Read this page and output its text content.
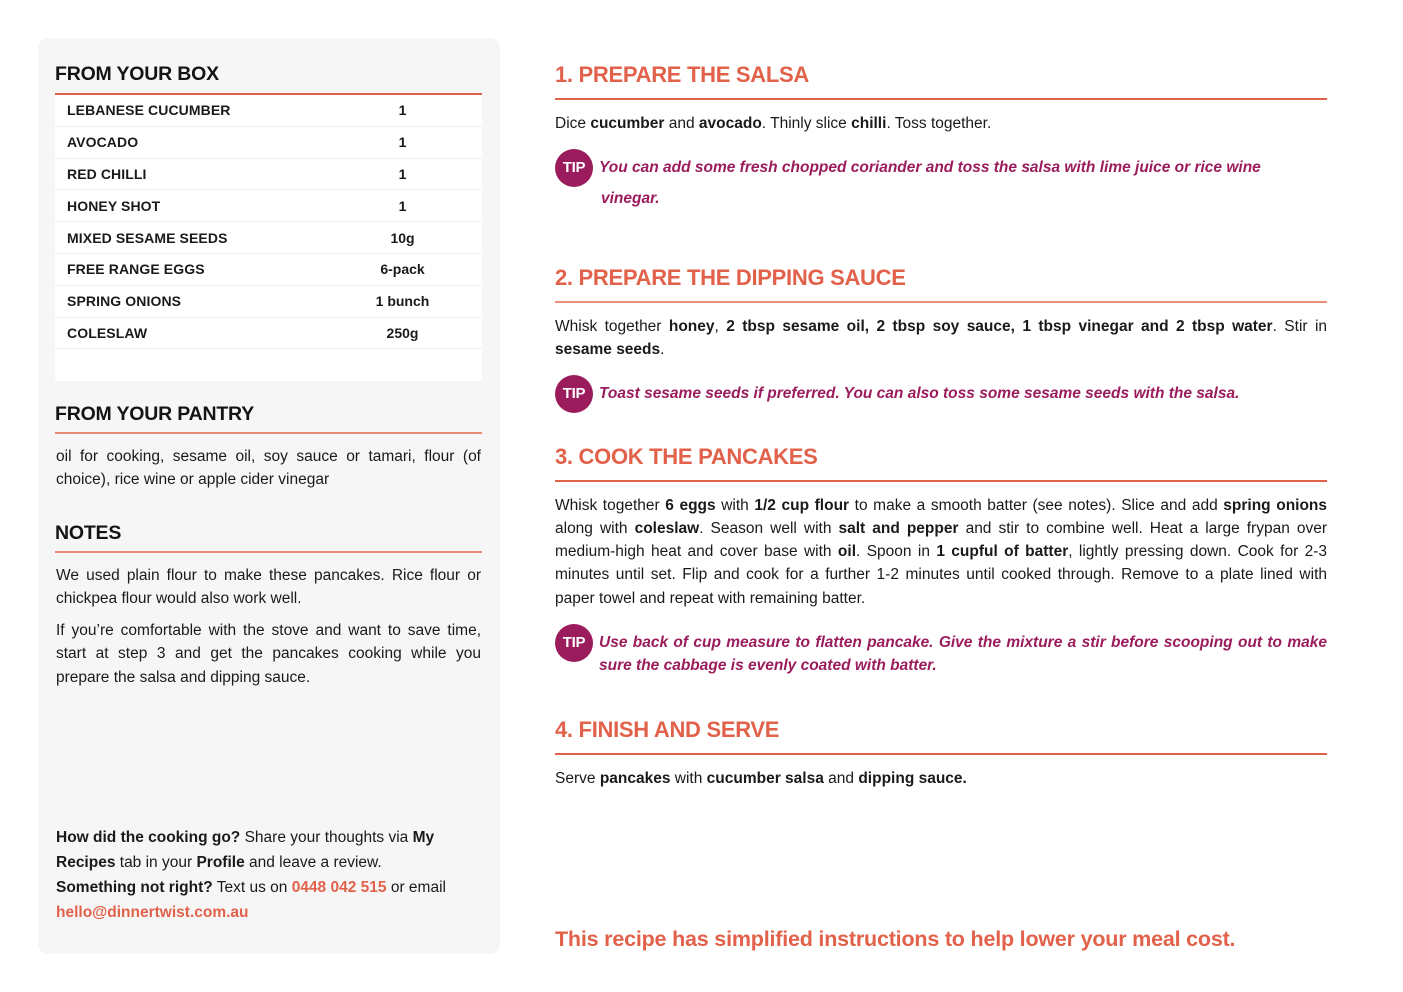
FROM YOUR BOX
LEBANESE CUCUMBER	1
AVOCADO	1
RED CHILLI	1
HONEY SHOT	1
MIXED SESAME SEEDS	10g
FREE RANGE EGGS	6-pack
SPRING ONIONS	1 bunch
COLESLAW	250g
FROM YOUR PANTRY
oil for cooking, sesame oil, soy sauce or tamari, flour (of choice), rice wine or apple cider vinegar
NOTES
We used plain flour to make these pancakes. Rice flour or chickpea flour would also work well.
If you’re comfortable with the stove and want to save time, start at step 3 and get the pancakes cooking while you prepare the salsa and dipping sauce.
How did the cooking go? Share your thoughts via My Recipes tab in your Profile and leave a review.
Something not right? Text us on 0448 042 515 or email hello@dinnertwist.com.au
1. PREPARE THE SALSA
Dice cucumber and avocado. Thinly slice chilli. Toss together.
TIP You can add some fresh chopped coriander and toss the salsa with lime juice or rice wine
vinegar.
2. PREPARE THE DIPPING SAUCE
Whisk together honey, 2 tbsp sesame oil, 2 tbsp soy sauce, 1 tbsp vinegar and 2 tbsp water. Stir in sesame seeds.
TIP Toast sesame seeds if preferred. You can also toss some sesame seeds with the salsa.
3. COOK THE PANCAKES
Whisk together 6 eggs with 1/2 cup flour to make a smooth batter (see notes). Slice and add spring onions along with coleslaw. Season well with salt and pepper and stir to combine well. Heat a large frypan over medium-high heat and cover base with oil. Spoon in 1 cupful of batter, lightly pressing down. Cook for 2-3 minutes until set. Flip and cook for a further 1-2 minutes until cooked through. Remove to a plate lined with paper towel and repeat with remaining batter.
TIP Use back of cup measure to flatten pancake. Give the mixture a stir before scooping out to make sure the cabbage is evenly coated with batter.
4. FINISH AND SERVE
Serve pancakes with cucumber salsa and dipping sauce.
This recipe has simplified instructions to help lower your meal cost.
